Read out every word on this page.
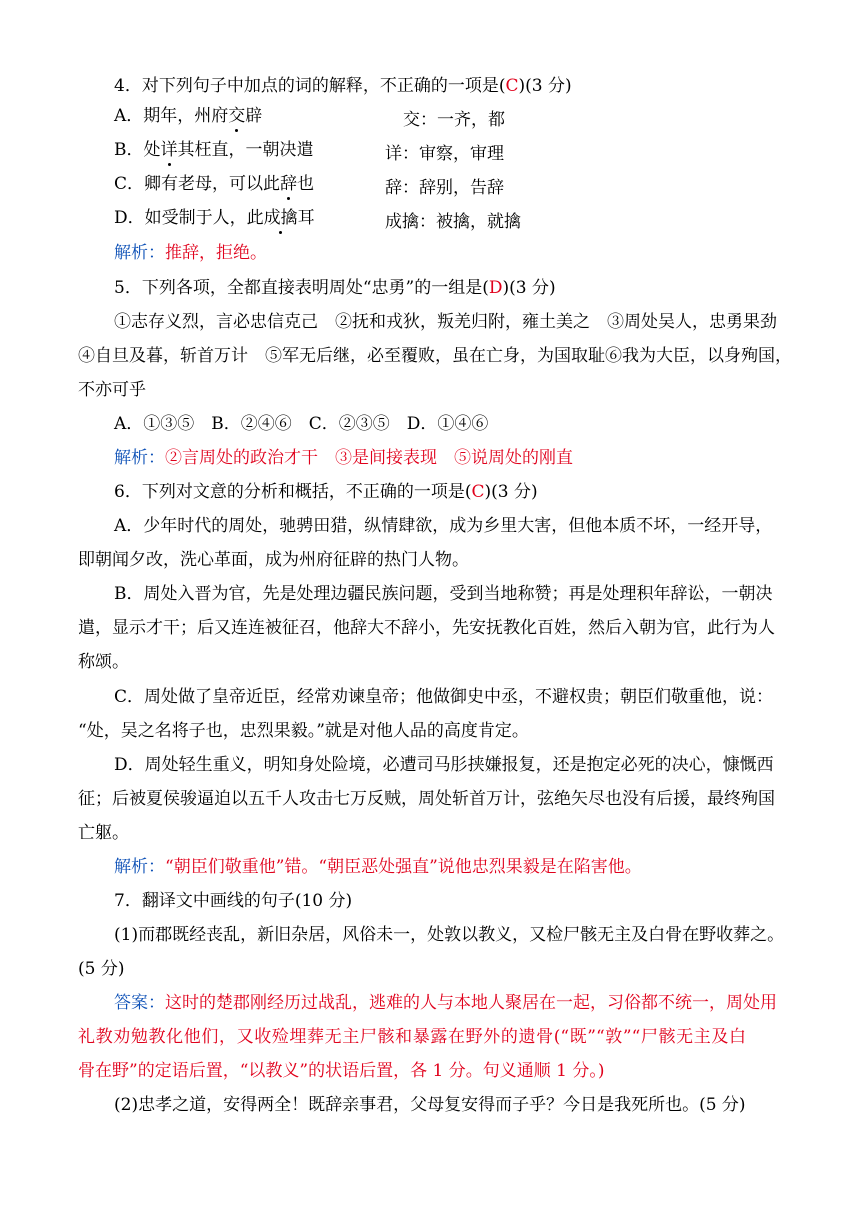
4．对下列句子中加点的词的解释，不正确的一项是(C)(3 分)
A．期年，州府交辟	交：一齐，都
B．处详其枉直，一朝决遣	详：审察，审理
C．卿有老母，可以此辞也	辞：辞别，告辞
D．如受制于人，此成擒耳	成擒：被擒，就擒
解析：推辞，拒绝。
5．下列各项，全都直接表明周处“忠勇”的一组是(D)(3 分)
①志存义烈，言必忠信克己　②抚和戎狄，叛羌归附，雍土美之　③周处吴人，忠勇果劲
④自旦及暮，斩首万计　⑤军无后继，必至覆败，虽在亡身，为国取耻⑥我为大臣，以身殉国，
不亦可乎
A．①③⑤　B．②④⑥　C．②③⑤　D．①④⑥
解析：②言周处的政治才干　③是间接表现　⑤说周处的刚直
6．下列对文意的分析和概括，不正确的一项是(C)(3 分)
A．少年时代的周处，驰骋田猎，纵情肆欲，成为乡里大害，但他本质不坏，一经开导，
即朝闻夕改，洗心革面，成为州府征辟的热门人物。
B．周处入晋为官，先是处理边疆民族问题，受到当地称赞；再是处理积年辞讼，一朝决
遣，显示才干；后又连连被征召，他辞大不辞小，先安抚教化百姓，然后入朝为官，此行为人
称颂。
C．周处做了皇帝近臣，经常劝谏皇帝；他做御史中丞，不避权贵；朝臣们敬重他，说：
“处，吴之名将子也，忠烈果毅。”就是对他人品的高度肯定。
D．周处轻生重义，明知身处险境，必遭司马肜挟嫌报复，还是抱定必死的决心，慷慨西
征；后被夏侯骏逼迫以五千人攻击七万反贼，周处斩首万计，弦绝矢尽也没有后援，最终殉国
亡躯。
解析：“朝臣们敬重他”错。“朝臣恶处强直”说他忠烈果毅是在陷害他。
7．翻译文中画线的句子(10 分)
(1)而郡既经丧乱，新旧杂居，风俗未一，处敦以教义，又检尸骸无主及白骨在野收葬之。
(5 分)
答案：这时的楚郡刚经历过战乱，逃难的人与本地人聚居在一起，习俗都不统一，周处用
礼教劝勉教化他们，又收殓埋葬无主尸骸和暴露在野外的遗骨(“既”“敦”“尸骸无主及白
骨在野”的定语后置，“以教义”的状语后置，各 1 分。句义通顺 1 分。)
(2)忠孝之道，安得两全！既辞亲事君，父母复安得而子乎？今日是我死所也。(5 分)
